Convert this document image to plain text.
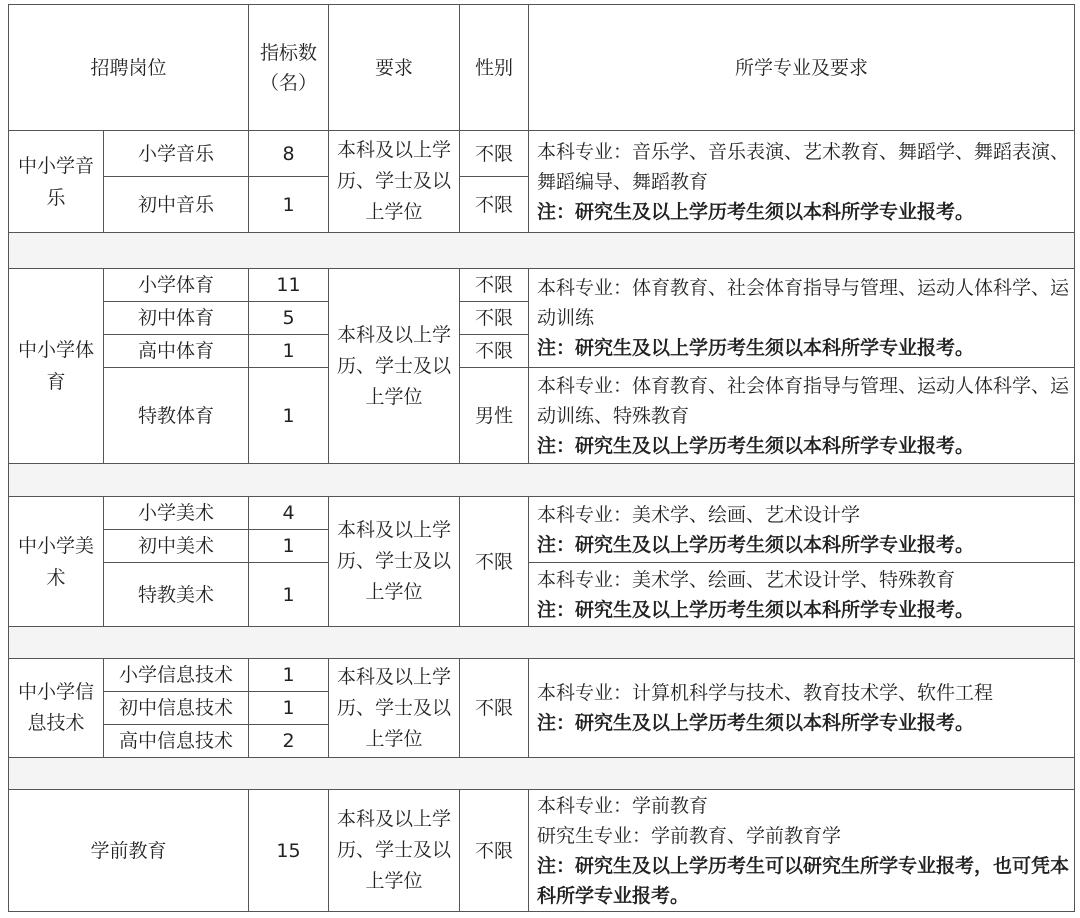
招聘岗位		指标数（名）	要求	性别	所学专业及要求
中小学音乐	小学音乐	8	本科及以上学历、学士及以上学位	不限	本科专业：音乐学、音乐表演、艺术教育、舞蹈学、舞蹈表演、舞蹈编导、舞蹈教育
注：研究生及以上学历考生须以本科所学专业报考。

	初中音乐	1		不限	

中小学体育	小学体育	11	本科及以上学历、学士及以上学位	不限	本科专业：体育教育、社会体育指导与管理、运动人体科学、运动训练
注：研究生及以上学历考生须以本科所学专业报考。

	初中体育	5		不限	
	高中体育	1		不限	
	特教体育	1		男性	本科专业：体育教育、社会体育指导与管理、运动人体科学、运动训练、特殊教育
注：研究生及以上学历考生须以本科所学专业报考。

中小学美术	小学美术	4	本科及以上学历、学士及以上学位	不限	本科专业：美术学、绘画、艺术设计学
注：研究生及以上学历考生须以本科所学专业报考。

	初中美术	1			
	特教美术	1			本科专业：美术学、绘画、艺术设计学、特殊教育
注：研究生及以上学历考生须以本科所学专业报考。

中小学信息技术	小学信息技术	1	本科及以上学历、学士及以上学位	不限	本科专业：计算机科学与技术、教育技术学、软件工程
注：研究生及以上学历考生须以本科所学专业报考。

	初中信息技术	1			
	高中信息技术	2			

学前教育		15	本科及以上学历、学士及以上学位	不限	本科专业：学前教育
研究生专业：学前教育、学前教育学
注：研究生及以上学历考生可以研究生所学专业报考，也可凭本科所学专业报考。
